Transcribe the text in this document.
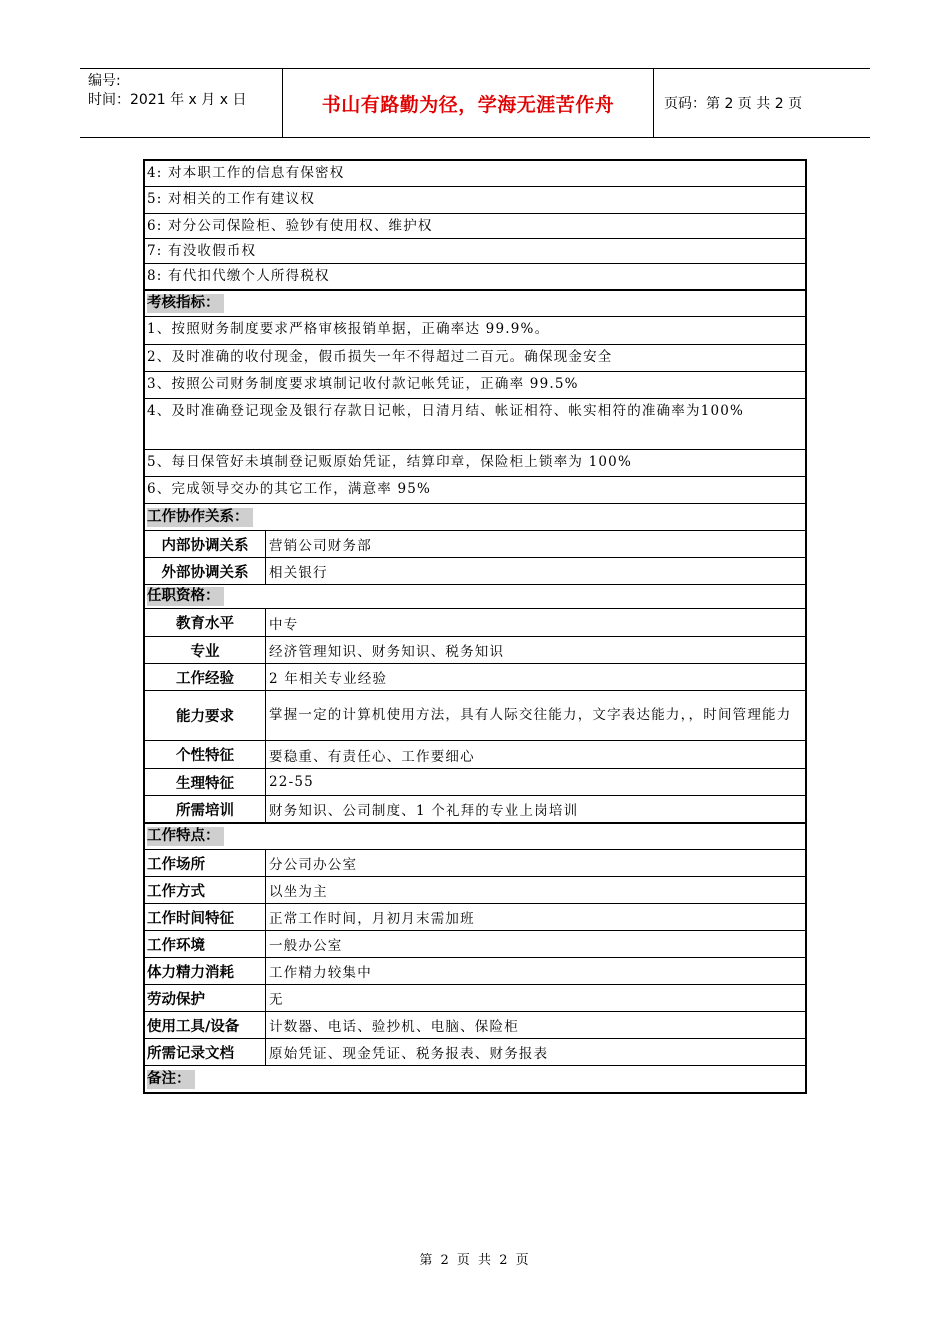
编号:
时间：2021 年 x 月 x 日	书山有路勤为径，学海无涯苦作舟	页码：第 2 页 共 2 页
4: 对本职工作的信息有保密权
5: 对相关的工作有建议权
6: 对分公司保险柜、验钞有使用权、维护权
7: 有没收假币权
8: 有代扣代缴个人所得税权
考核指标：
1、按照财务制度要求严格审核报销单据，正确率达 99.9%。
2、及时准确的收付现金，假币损失一年不得超过二百元。确保现金安全
3、按照公司财务制度要求填制记收付款记帐凭证，正确率 99.5%
4、及时准确登记现金及银行存款日记帐，日清月结、帐证相符、帐实相符的准确率为100%
5、每日保管好未填制登记贩原始凭证，结算印章，保险柜上锁率为 100%
6、完成领导交办的其它工作，满意率 95%
工作协作关系：
内部协调关系	营销公司财务部
外部协调关系	相关银行
任职资格：
教育水平	中专
专业	经济管理知识、财务知识、税务知识
工作经验	2 年相关专业经验
能力要求	掌握一定的计算机使用方法，具有人际交往能力，文字表达能力，，时间管理能力
个性特征	要稳重、有责任心、工作要细心
生理特征	22-55
所需培训	财务知识、公司制度、1 个礼拜的专业上岗培训
工作特点：
工作场所	分公司办公室
工作方式	以坐为主
工作时间特征	正常工作时间，月初月末需加班
工作环境	一般办公室
体力精力消耗	工作精力较集中
劳动保护	无
使用工具/设备	计数器、电话、验抄机、电脑、保险柜
所需记录文档	原始凭证、现金凭证、税务报表、财务报表
备注：
第 2 页 共 2 页
